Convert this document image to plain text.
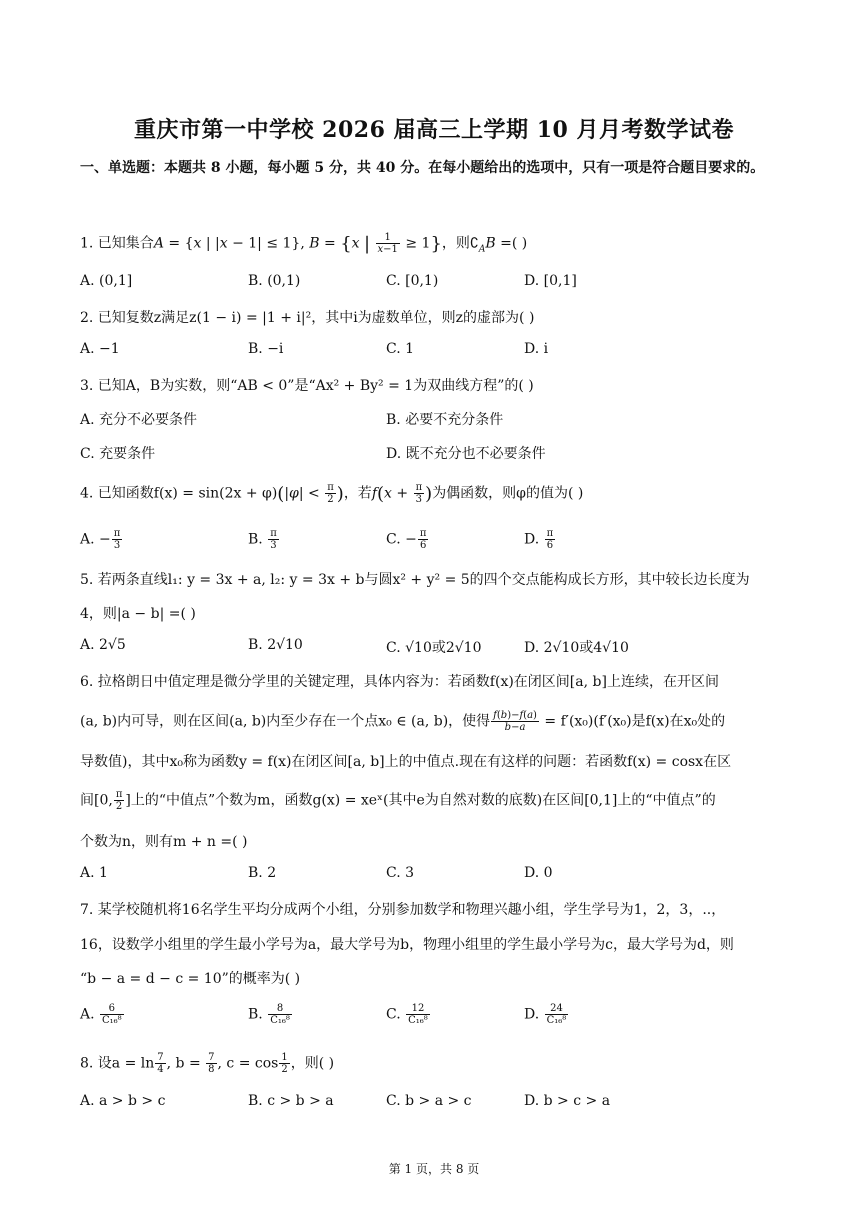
重庆市第一中学校 2026 届高三上学期 10 月月考数学试卷
一、单选题：本题共 8 小题，每小题 5 分，共 40 分。在每小题给出的选项中，只有一项是符合题目要求的。
1. 已知集合A = {x | |x − 1| ≤ 1}, B = {x | $\frac{1}{x-1} \ge 1$}，则$∁_AB$ =( )
A. (0,1]	B. (0,1)	C. [0,1)	D. [0,1]
2. 已知复数z满足z(1 − i) = |1 + i|²，其中i为虚数单位，则z的虚部为( )
A. −1	B. −i	C. 1	D. i
3. 已知A，B为实数，则“AB < 0”是“Ax² + By² = 1为双曲线方程”的( )
A. 充分不必要条件	B. 必要不充分条件
C. 充要条件	D. 既不充分也不必要条件
4. 已知函数$f(x) = \sin(2x + \varphi)(|\varphi| < \frac{\pi}{2}$ )，若$f(x + \frac{\pi}{3}$ )为偶函数，则φ的值为( )
A. − $\frac{\pi}{3}$	B. $\frac{\pi}{3}$	C. − $\frac{\pi}{6}$	D. $\frac{\pi}{6}$
5. 若两条直线l₁: y = 3x + a, l₂: y = 3x + b与圆x² + y² = 5的四个交点能构成长方形，其中较长边长度为
4，则|a − b| =( )
A. 2√5	B. 2√10	C. √10或2√10	D. 2√10或4√10
6. 拉格朗日中值定理是微分学里的关键定理，具体内容为：若函数f(x)在闭区间[a, b]上连续，在开区间
(a, b)内可导，则在区间(a, b)内至少存在一个点x₀ ∈ (a, b)，使得 $\frac{f(b)-f(a)}{b-a} = f'(x_0)(f'(x_0)$是f(x)在x₀处的
导数值)，其中x₀称为函数y = f(x)在闭区间[a, b]上的中值点.现在有这样的问题：若函数f(x) = cosx在区
间[0, $\frac{\pi}{2}$ ]上的“中值点”个数为m，函数g(x) = xeˣ(其中e为自然对数的底数)在区间[0,1]上的“中值点”的
个数为n，则有m + n =( )
A. 1	B. 2	C. 3	D. 0
7. 某学校随机将16名学生平均分成两个小组，分别参加数学和物理兴趣小组，学生学号为1，2，3，..，
16，设数学小组里的学生最小学号为a，最大学号为b，物理小组里的学生最小学号为c，最大学号为d，则
“b − a = d − c = 10”的概率为( )
A. $\frac{6}{\text{C₁₆⁸}}$	B. $\frac{8}{\text{C₁₆⁸}}$	C. $\frac{12}{\text{C₁₆⁸}}$	D. $\frac{24}{\text{C₁₆⁸}}$
8. 设$a = \ln \frac{7}{4}$ , $b = \frac{7}{8}$ , $c = \cos \frac{1}{2}$ ，则( )
A. a > b > c	B. c > b > a	C. b > a > c	D. b > c > a
第 1 页，共 8 页
